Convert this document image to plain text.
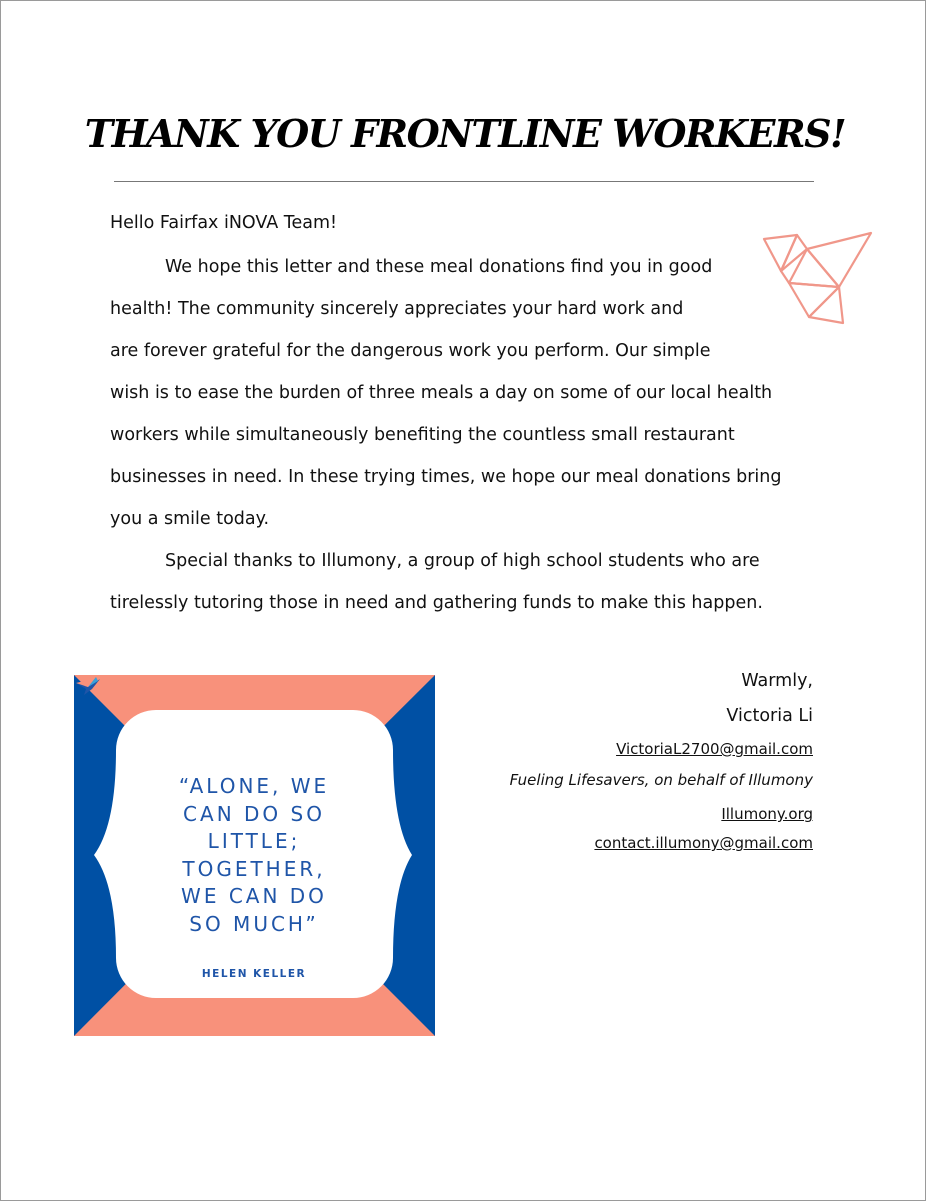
THANK YOU FRONTLINE WORKERS!
Hello Fairfax iNOVA Team!
We hope this letter and these meal donations find you in good
health! The community sincerely appreciates your hard work and
are forever grateful for the dangerous work you perform. Our simple
wish is to ease the burden of three meals a day on some of our local health
workers while simultaneously benefiting the countless small restaurant
businesses in need. In these trying times, we hope our meal donations bring
you a smile today.
Special thanks to Illumony, a group of high school students who are
tirelessly tutoring those in need and gathering funds to make this happen.
“ALONE, WE
CAN DO SO
LITTLE;
TOGETHER,
WE CAN DO
SO MUCH”
HELEN KELLER
Warmly,
Victoria Li
VictoriaL2700@gmail.com
Fueling Lifesavers, on behalf of Illumony
Illumony.org
contact.illumony@gmail.com
